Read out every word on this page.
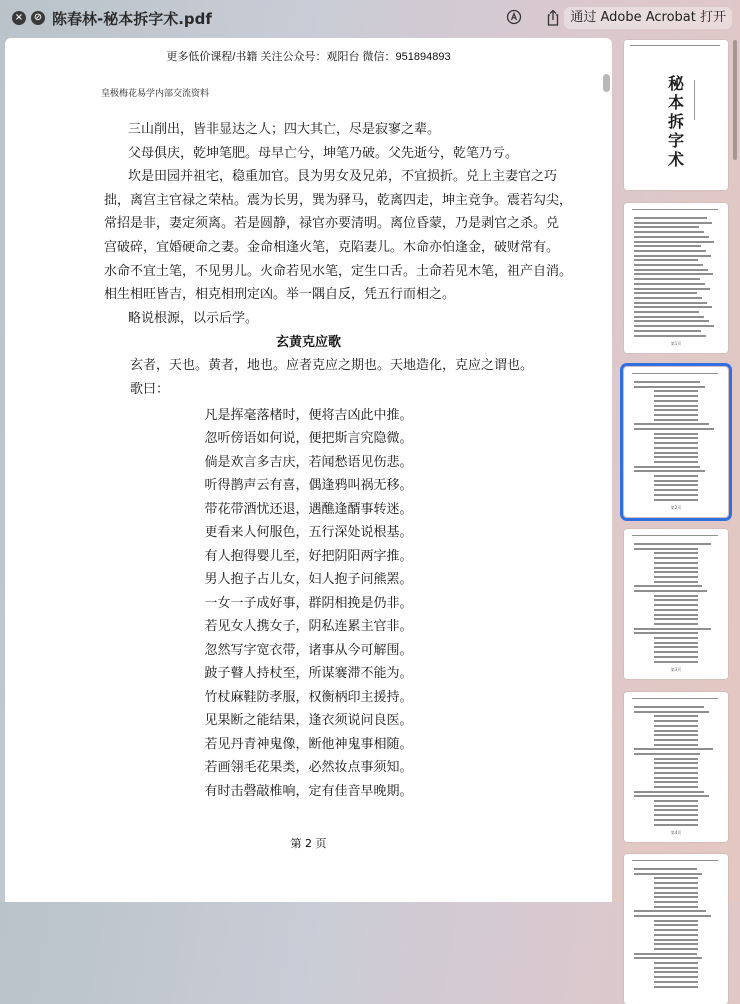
× ⊘ 陈春林-秘本拆字术.pdf	通过 Adobe Acrobat 打开
更多低价课程/书籍 关注公众号：观阳台 微信：951894893
皇极梅花易学内部交流资料
三山削出，皆非显达之人；四大其亡，尽是寂寥之辈。
父母俱庆，乾坤笔肥。母早亡兮，坤笔乃破。父先逝兮，乾笔乃亏。
坎是田园并祖宅，稳重加官。艮为男女及兄弟，不宜损折。兑上主妻官之巧
拙，离宫主官禄之荣枯。震为长男，巽为驿马，乾离四走，坤主竞争。震若勾尖，
常招是非，妻定须离。若是圆静，禄官亦要清明。离位昏蒙，乃是剥官之杀。兑
宫破碎，宜婚硬命之妻。金命相逢火笔，克陷妻儿。木命亦怕逢金，破财常有。
水命不宜土笔，不见男儿。火命若见水笔，定生口舌。土命若见木笔，祖产自消。
相生相旺皆吉，相克相刑定凶。举一隅自反，凭五行而相之。
略说根源，以示后学。
玄黄克应歌
玄者，天也。黄者，地也。应者克应之期也。天地造化，克应之谓也。
歌曰：
凡是挥毫落楮时，便将吉凶此中推。
忽听傍语如何说，便把斯言究隐微。
倘是欢言多吉庆，若闻愁语见伤悲。
听得鹊声云有喜，偶逢鸦叫祸无移。
带花带酒忧还退，遇醮逢醑事转迷。
更看来人何服色，五行深处说根基。
有人抱得婴儿至，好把阴阳两字推。
男人抱子占儿女，妇人抱子问熊罴。
一女一子成好事，群阴相挽是仍非。
若见女人携女子，阴私连累主官非。
忽然写字宽衣带，诸事从今可解围。
跛子瞽人持杖至，所谋褰滞不能为。
竹杖麻鞋防孝服，权衡柄印主援持。
见果断之能结果，逢衣须说问良医。
若见丹青神鬼像，断他神鬼事相随。
若画翎毛花果类，必然妆点事须知。
有时击磬敲椎响，定有佳音早晚期。
第 2 页
秘本拆字术
第1页
第2页
第3页
第4页
